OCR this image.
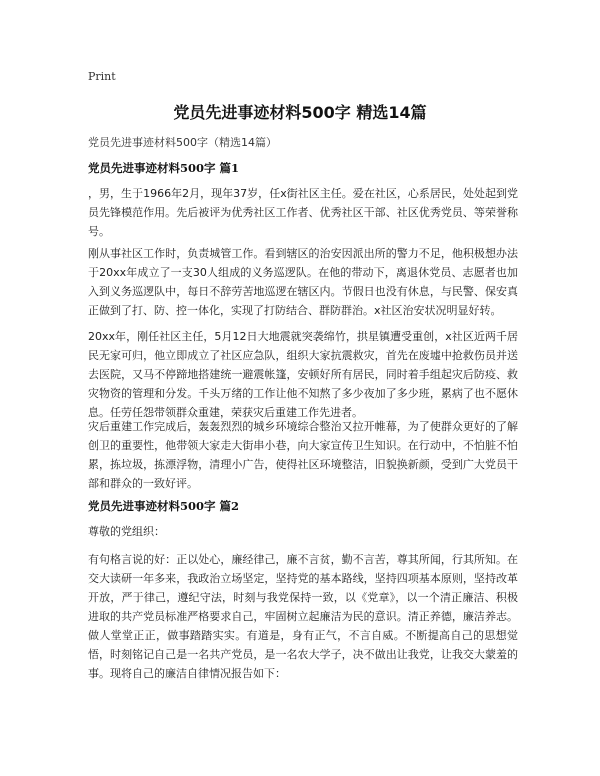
Print
党员先进事迹材料500字 精选14篇
党员先进事迹材料500字（精选14篇）
党员先进事迹材料500字 篇1

，男，生于1966年2月，现年37岁，任x街社区主任。爱在社区，心系居民，处处起到党员先锋模范作用。先后被评为优秀社区工作者、优秀社区干部、社区优秀党员、等荣誉称号。

刚从事社区工作时，负责城管工作。看到辖区的治安因派出所的警力不足，他积极想办法于20xx年成立了一支30人组成的义务巡逻队。在他的带动下，离退休党员、志愿者也加入到义务巡逻队中，每日不辞劳苦地巡逻在辖区内。节假日也没有休息，与民警、保安真正做到了打、防、控一体化，实现了打防结合、群防群治。x社区治安状况明显好转。

20xx年，刚任社区主任，5月12日大地震就突袭绵竹，拱星镇遭受重创，x社区近两千居民无家可归，他立即成立了社区应急队，组织大家抗震救灾，首先在废墟中抢救伤员并送去医院，又马不停蹄地搭建统一避震帐篷，安顿好所有居民，同时着手组起灾后防疫、救灾物资的管理和分发。千头万绪的工作让他不知熬了多少夜加了多少班，累病了也不愿休息。任劳任怨带领群众重建，荣获灾后重建工作先进者。

灾后重建工作完成后，轰轰烈烈的城乡环境综合整治又拉开帷幕，为了使群众更好的了解创卫的重要性，他带领大家走大街串小巷，向大家宣传卫生知识。在行动中，不怕脏不怕累，拣垃圾，拣漂浮物，清理小广告，使得社区环境整洁，旧貌换新颜，受到广大党员干部和群众的一致好评。

党员先进事迹材料500字 篇2

尊敬的党组织：

有句格言说的好：正以处心，廉经律己，廉不言贫，勤不言苦，尊其所闻，行其所知。在交大读研一年多来，我政治立场坚定，坚持党的基本路线，坚持四项基本原则，坚持改革开放，严于律己，遵纪守法，时刻与我党保持一致，以《党章》，以一个清正廉洁、积极进取的共产党员标准严格要求自己，牢固树立起廉洁为民的意识。清正养德，廉洁养志。做人堂堂正正，做事踏踏实实。有道是，身有正气，不言自威。不断提高自己的思想觉悟，时刻铭记自己是一名共产党员，是一名农大学子，决不做出让我党，让我交大蒙羞的事。现将自己的廉洁自律情况报告如下：
